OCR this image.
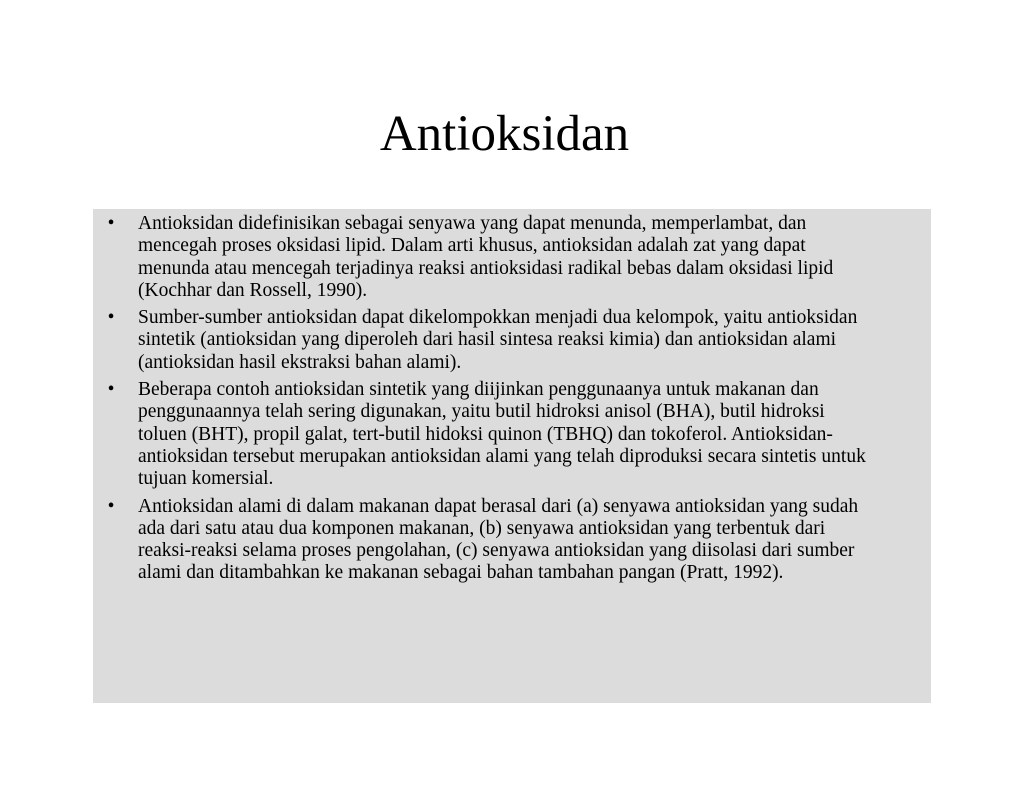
Antioksidan
• Antioksidan didefinisikan sebagai senyawa yang dapat menunda, memperlambat, dan mencegah proses oksidasi lipid. Dalam arti khusus, antioksidan adalah zat yang dapat menunda atau mencegah terjadinya reaksi antioksidasi radikal bebas dalam oksidasi lipid (Kochhar dan Rossell, 1990).
• Sumber-sumber antioksidan dapat dikelompokkan menjadi dua kelompok, yaitu antioksidan sintetik (antioksidan yang diperoleh dari hasil sintesa reaksi kimia) dan antioksidan alami (antioksidan hasil ekstraksi bahan alami).
• Beberapa contoh antioksidan sintetik yang diijinkan penggunaanya untuk makanan dan penggunaannya telah sering digunakan, yaitu butil hidroksi anisol (BHA), butil hidroksi toluen (BHT), propil galat, tert-butil hidoksi quinon (TBHQ) dan tokoferol. Antioksidan-antioksidan tersebut merupakan antioksidan alami yang telah diproduksi secara sintetis untuk tujuan komersial.
• Antioksidan alami di dalam makanan dapat berasal dari (a) senyawa antioksidan yang sudah ada dari satu atau dua komponen makanan, (b) senyawa antioksidan yang terbentuk dari reaksi-reaksi selama proses pengolahan, (c) senyawa antioksidan yang diisolasi dari sumber alami dan ditambahkan ke makanan sebagai bahan tambahan pangan (Pratt, 1992).
